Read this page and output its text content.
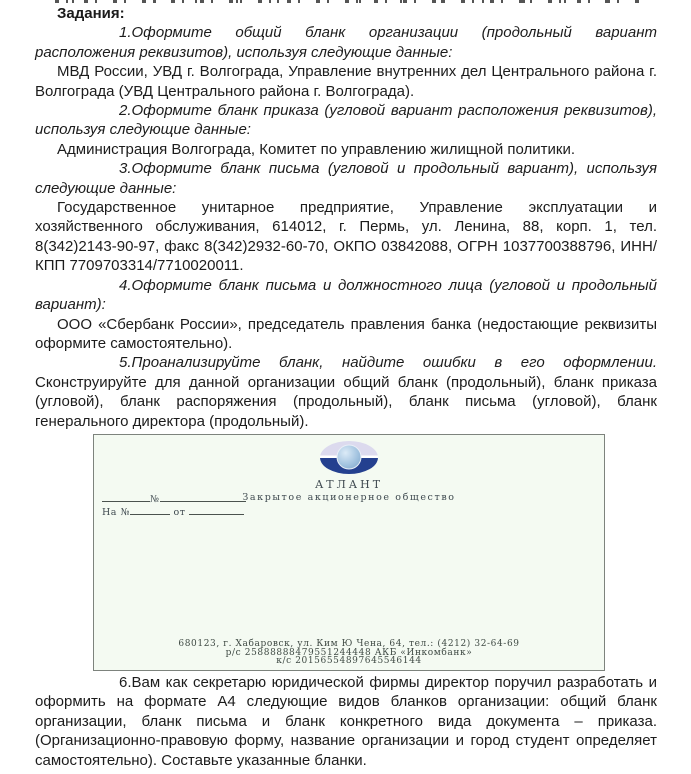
Задания:

1.Оформите общий бланк организации (продольный вариант расположения реквизитов), используя следующие данные:

МВД России, УВД г. Волгограда, Управление внутренних дел Центрального района г. Волгограда (УВД Центрального района г. Волгограда).

2.Оформите бланк приказа (угловой вариант расположения реквизитов), используя следующие данные:

Администрация Волгограда, Комитет по управлению жилищной политики.

3.Оформите бланк письма (угловой и продольный вариант), используя следующие данные:

Государственное унитарное предприятие, Управление эксплуатации и хозяйственного обслуживания, 614012, г. Пермь, ул. Ленина, 88, корп. 1, тел. 8(342)2143-90-97, факс 8(342)2932-60-70, ОКПО 03842088, ОГРН 1037700388796, ИНН/КПП 7709703314/7710020011.

4.Оформите бланк письма и должностного лица (угловой и продольный вариант):

ООО «Сбербанк России», председатель правления банка (недостающие реквизиты оформите самостоятельно).

5.Проанализируйте бланк, найдите ошибки в его оформлении. Сконструируйте для данной организации общий бланк (продольный), бланк приказа (угловой), бланк распоряжения (продольный), бланк письма (угловой), бланк генерального директора (продольный).

АТЛАНТ
Закрытое акционерное общество
№
На №	от
680123, г. Хабаровск, ул. Ким Ю Чена, 64, тел.: (4212) 32-64-69
р/с 25888888479551244448 АКБ «Инкомбанк»
к/с 20156554897645546144

6.Вам как секретарю юридической фирмы директор поручил разработать и оформить на формате А4 следующие видов бланков организации: общий бланк организации, бланк письма и бланк конкретного вида документа – приказа. (Организационно-правовую форму, название организации и город студент определяет самостоятельно). Составьте указанные бланки.
